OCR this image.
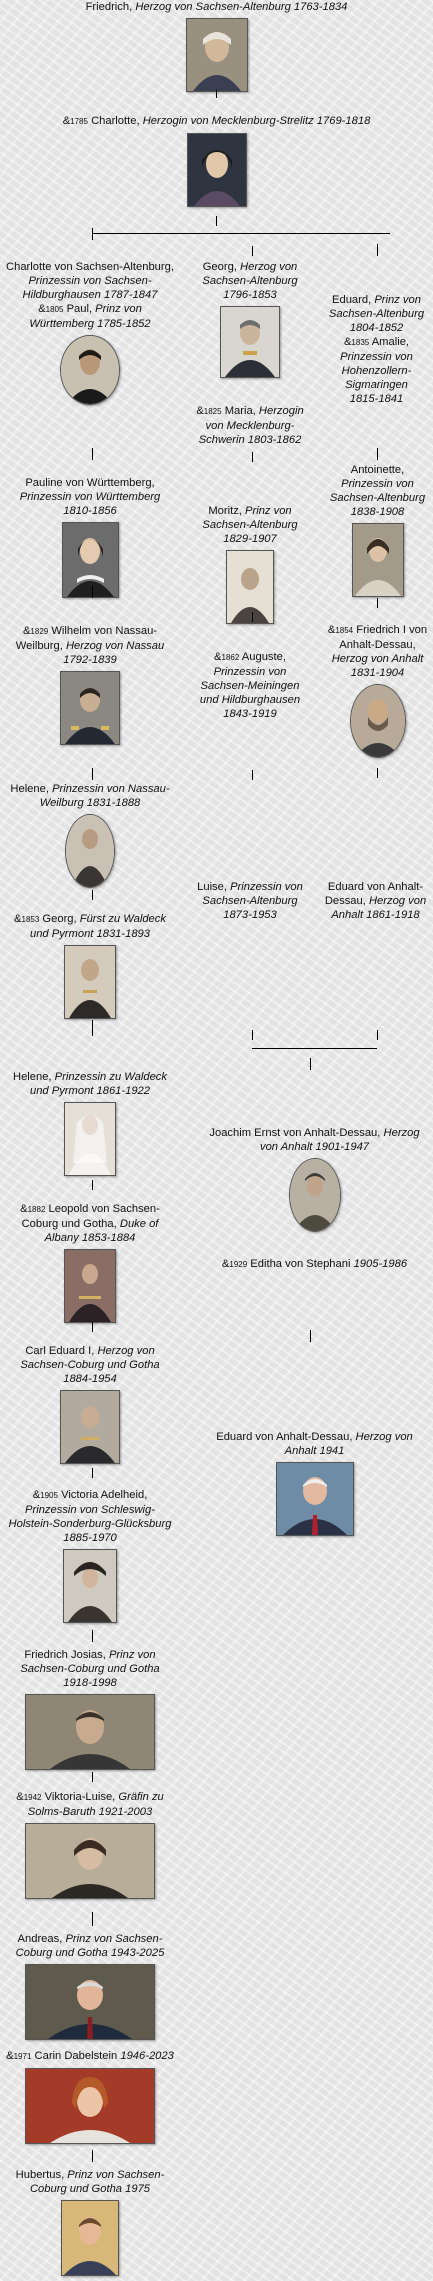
Friedrich, Herzog von Sachsen-Altenburg 1763-1834
&1785 Charlotte, Herzogin von Mecklenburg-Strelitz 1769-1818
Charlotte von Sachsen-Altenburg,
Prinzessin von Sachsen-
Hildburghausen 1787-1847
&1805 Paul, Prinz von
Württemberg 1785-1852
Georg, Herzog von
Sachsen-Altenburg
1796-1853	Eduard, Prinz von
Sachsen-Altenburg
1804-1852
&1835 Amalie,
Prinzessin von
Hohenzollern-
Sigmaringen
1815-1841
&1825 Maria, Herzogin
von Mecklenburg-
Schwerin 1803-1862
Pauline von Württemberg,
Prinzessin von Württemberg
1810-1856
Antoinette,
Prinzessin von
Sachsen-Altenburg
1838-1908
Moritz, Prinz von
Sachsen-Altenburg
1829-1907
&1829 Wilhelm von Nassau-
Weilburg, Herzog von Nassau
1792-1839
&1854 Friedrich I von
Anhalt-Dessau,
Herzog von Anhalt
1831-1904
&1862 Auguste,
Prinzessin von
Sachsen-Meiningen
und Hildburghausen
1843-1919
Helene, Prinzessin von Nassau-
Weilburg 1831-1888
&1853 Georg, Fürst zu Waldeck
und Pyrmont 1831-1893
Luise, Prinzessin von
Sachsen-Altenburg
1873-1953
Eduard von Anhalt-
Dessau, Herzog von
Anhalt 1861-1918
Helene, Prinzessin zu Waldeck
und Pyrmont 1861-1922
Joachim Ernst von Anhalt-Dessau, Herzog
von Anhalt 1901-1947
&1882 Leopold von Sachsen-
Coburg und Gotha, Duke of
Albany 1853-1884
&1929 Editha von Stephani 1905-1986
Carl Eduard I, Herzog von
Sachsen-Coburg und Gotha
1884-1954
Eduard von Anhalt-Dessau, Herzog von
Anhalt 1941
&1905 Victoria Adelheid,
Prinzessin von Schleswig-
Holstein-Sonderburg-Glücksburg
1885-1970
Friedrich Josias, Prinz von
Sachsen-Coburg und Gotha
1918-1998
&1942 Viktoria-Luise, Gräfin zu
Solms-Baruth 1921-2003
Andreas, Prinz von Sachsen-
Coburg und Gotha 1943-2025
&1971 Carin Dabelstein 1946-2023
Hubertus, Prinz von Sachsen-
Coburg und Gotha 1975
